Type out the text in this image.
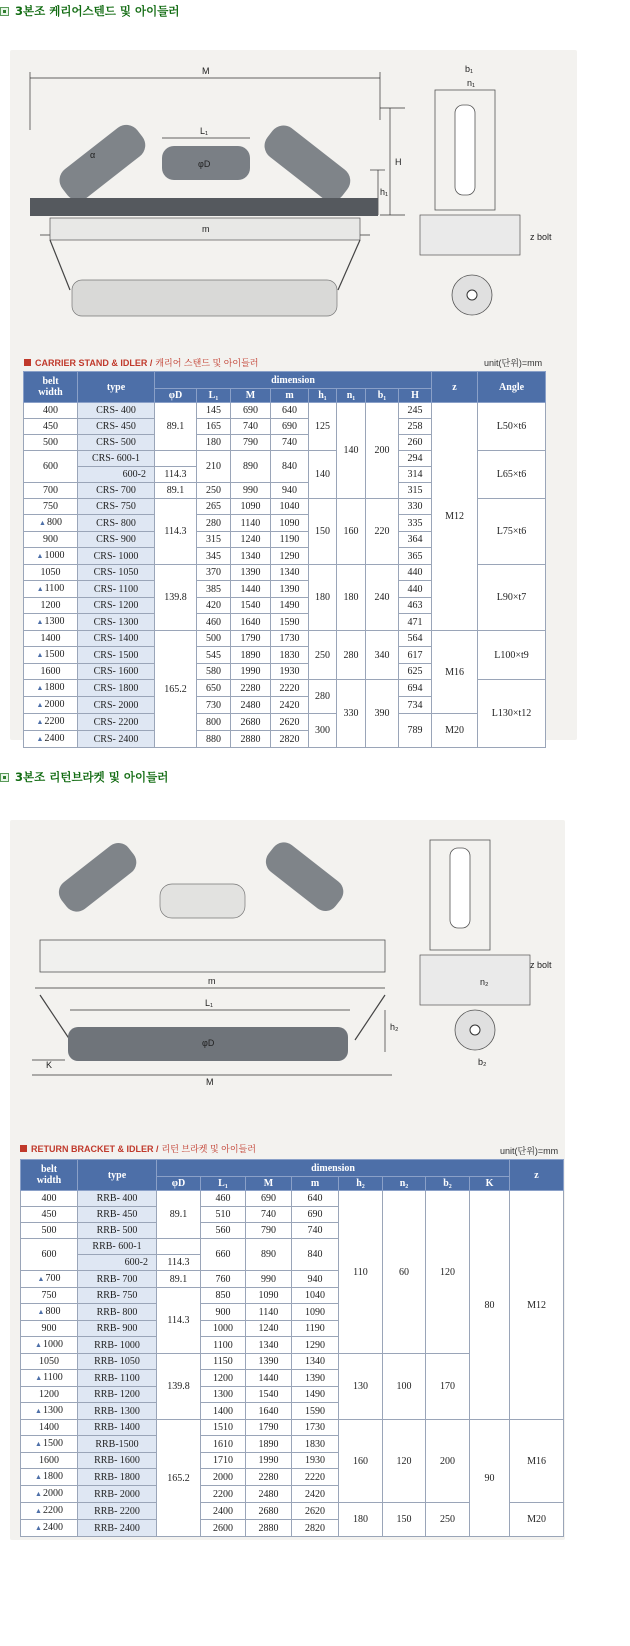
3본조 케리어스텐드 및 아이들러
M
L₁
φD
m
H
h₁
b₁
n₁
z bolt
α
CARRIER STAND & IDLER / 캐리어 스탠드 및 아이들러	unit(단위)=mm
belt
width	type	dimension								z	Angle
		φD	L₁	M	m	h₁	n₁	b₁	H		
400	CRS- 400	89.1	145	690	640	125	140	200	245	M12	L50×t6
450	CRS- 450		165	740	690				258		
500	CRS- 500		180	790	740				260		
600	CRS- 600-1		210	890	840	140			294		L65×t6
	600-2	114.3							314		
700	CRS- 700	89.1	250	990	940				315		
750	CRS- 750	114.3	265	1090	1040	150	160	220	330		L75×t6
▲800	CRS- 800		280	1140	1090				335		
900	CRS- 900		315	1240	1190				364		
▲1000	CRS- 1000		345	1340	1290				365		
1050	CRS- 1050	139.8	370	1390	1340	180	180	240	440		L90×t7
▲1100	CRS- 1100		385	1440	1390				440		
1200	CRS- 1200		420	1540	1490				463		
▲1300	CRS- 1300		460	1640	1590				471		
1400	CRS- 1400	165.2	500	1790	1730	250	280	340	564	M16	L100×t9
▲1500	CRS- 1500		545	1890	1830				617		
1600	CRS- 1600		580	1990	1930				625		
▲1800	CRS- 1800		650	2280	2220	280	330	390	694		L130×t12
▲2000	CRS- 2000		730	2480	2420				734		
▲2200	CRS- 2200		800	2680	2620	300			789	M20	
▲2400	CRS- 2400		880	2880	2820						
3본조 리턴브라켓 및 아이들러
m
L₁
φD
K
M
h₂
n₂
b₂
z bolt
RETURN BRACKET & IDLER / 리턴 브라켓 및 아이들러	unit(단위)=mm
belt
width	type	dimension								z
		φD	L₁	M	m	h₂	n₂	b₂	K	
400	RRB- 400	89.1	460	690	640	110	60	120	80	M12
450	RRB- 450		510	740	690					
500	RRB- 500		560	790	740					
600	RRB- 600-1		660	890	840					
	600-2	114.3								
▲700	RRB- 700	89.1	760	990	940					
750	RRB- 750	114.3	850	1090	1040					
▲800	RRB- 800		900	1140	1090					
900	RRB- 900		1000	1240	1190					
▲1000	RRB- 1000		1100	1340	1290					
1050	RRB- 1050	139.8	1150	1390	1340	130	100	170		
▲1100	RRB- 1100		1200	1440	1390					
1200	RRB- 1200		1300	1540	1490					
▲1300	RRB- 1300		1400	1640	1590					
1400	RRB- 1400	165.2	1510	1790	1730	160	120	200	90	M16
▲1500	RRB-1500		1610	1890	1830					
1600	RRB- 1600		1710	1990	1930					
▲1800	RRB- 1800		2000	2280	2220					
▲2000	RRB- 2000		2200	2480	2420					
▲2200	RRB- 2200		2400	2680	2620	180	150	250		M20
▲2400	RRB- 2400		2600	2880	2820					
